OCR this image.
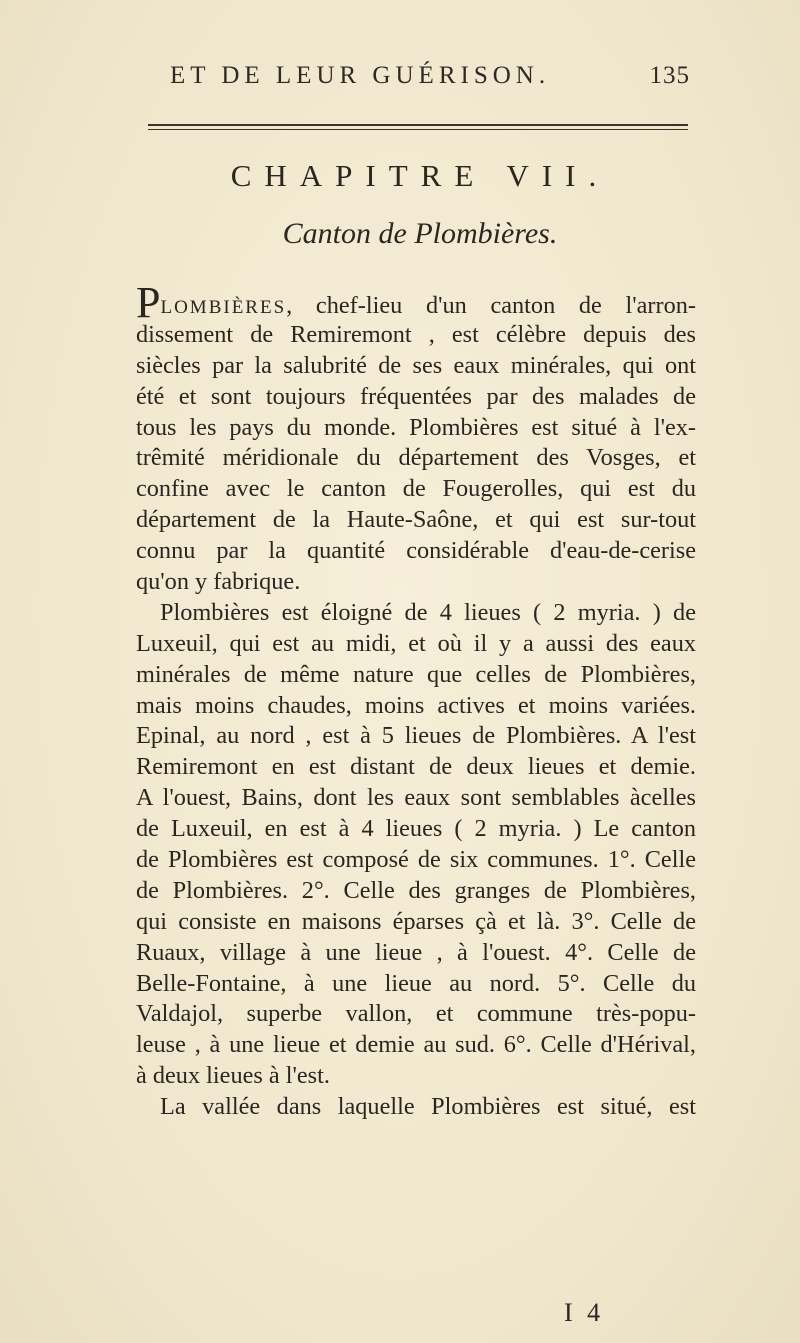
ET DE LEUR GUÉRISON.	135
CHAPITRE VII.
Canton de Plombières.
PLOMBIÈRES, chef-lieu d'un canton de l'arron-
dissement de Remiremont , est célèbre depuis des
siècles par la salubrité de ses eaux minérales, qui ont
été et sont toujours fréquentées par des malades de
tous les pays du monde. Plombières est situé à l'ex-
trêmité méridionale du département des Vosges, et
confine avec le canton de Fougerolles, qui est du
département de la Haute-Saône, et qui est sur-tout
connu par la quantité considérable d'eau-de-cerise
qu'on y fabrique.
Plombières est éloigné de 4 lieues ( 2 myria. ) de
Luxeuil, qui est au midi, et où il y a aussi des eaux
minérales de même nature que celles de Plombières,
mais moins chaudes, moins actives et moins variées.
Epinal, au nord , est à 5 lieues de Plombières. A l'est
Remiremont en est distant de deux lieues et demie.
A l'ouest, Bains, dont les eaux sont semblables àcelles
de Luxeuil, en est à 4 lieues ( 2 myria. ) Le canton
de Plombières est composé de six communes. 1°. Celle
de Plombières. 2°. Celle des granges de Plombières,
qui consiste en maisons éparses çà et là. 3°. Celle de
Ruaux, village à une lieue , à l'ouest. 4°. Celle de
Belle-Fontaine, à une lieue au nord. 5°. Celle du
Valdajol, superbe vallon, et commune très-popu-
leuse , à une lieue et demie au sud. 6°. Celle d'Hérival,
à deux lieues à l'est.
La vallée dans laquelle Plombières est situé, est
I 4
